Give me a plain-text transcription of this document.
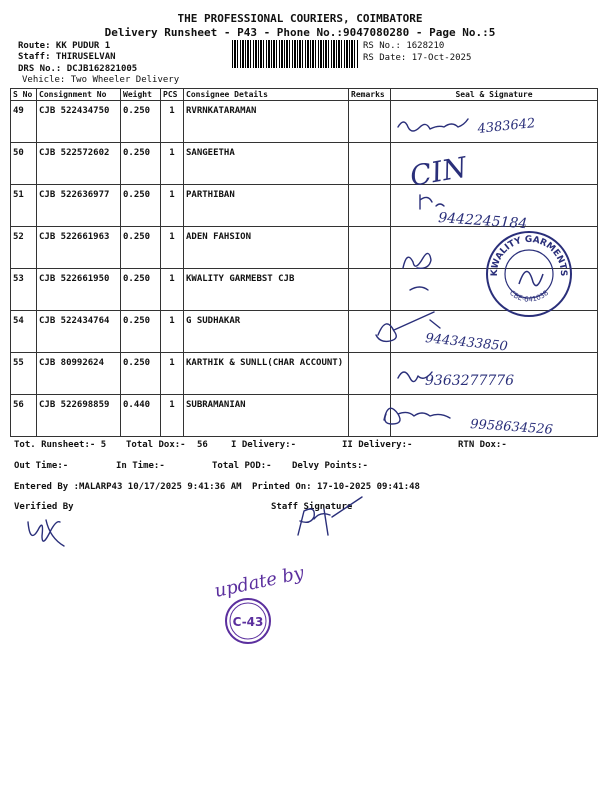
THE PROFESSIONAL COURIERS, COIMBATORE
Delivery Runsheet - P43 - Phone No.:9047080280 - Page No.:5
Route: KK PUDUR 1
Staff: THIRUSELVAN
DRS No.: DCJB162821005
Vehicle: Two Wheeler Delivery
RS No.: 1628210
RS Date: 17-Oct-2025
S No	Consignment No	Weight	PCS	Consignee Details	Remarks	Seal & Signature
49	CJB 522434750	0.250	1	RVRNKATARAMAN		
50	CJB 522572602	0.250	1	SANGEETHA		
51	CJB 522636977	0.250	1	PARTHIBAN		
52	CJB 522661963	0.250	1	ADEN FAHSION		
53	CJB 522661950	0.250	1	KWALITY GARMEBST CJB		
54	CJB 522434764	0.250	1	G SUDHAKAR		
55	CJB 80992624	0.250	1	KARTHIK & SUNLL(CHAR ACCOUNT)		
56	CJB 522698859	0.440	1	SUBRAMANIAN		
4383642
CIN
9442245184
9443433850
9363277776
9958634526
KWALITY GARMENTS
CBE-641038
Tot. Runsheet:- 5 Total Dox:- 56	I Delivery:-	II Delivery:-	RTN Dox:-
Out Time:-	In Time:-	Total POD:- Delvy Points:-
Entered By :MALARP43 10/17/2025 9:41:36 AM Printed On: 17-10-2025 09:41:48
Verified By	Staff Signature
update by
C-43
